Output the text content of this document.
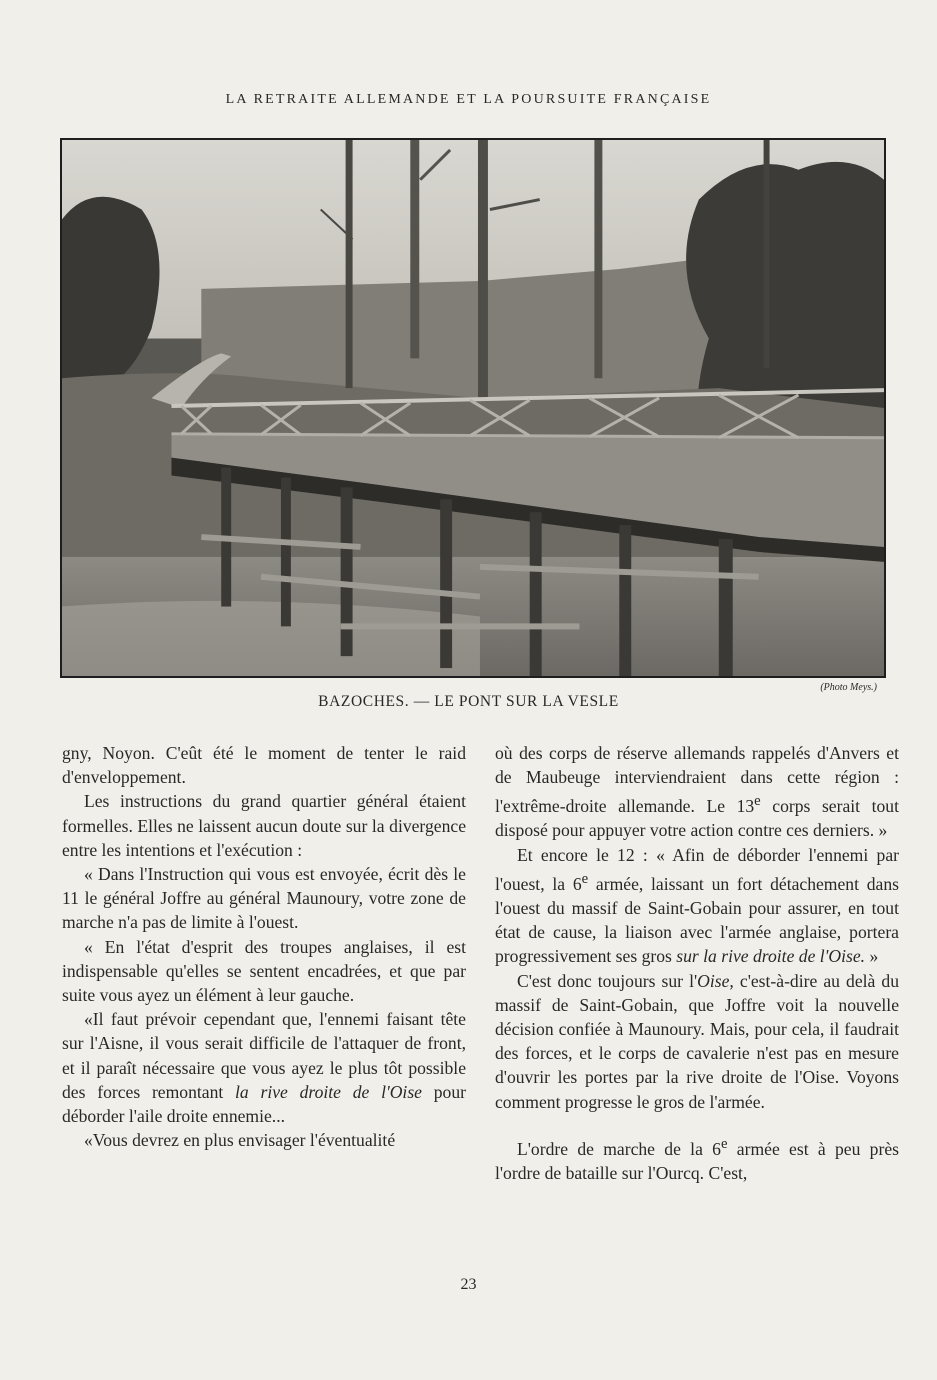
LA RETRAITE ALLEMANDE ET LA POURSUITE FRANÇAISE
(Photo Meys.)
BAZOCHES. — LE PONT SUR LA VESLE

gny, Noyon. C'eût été le moment de tenter le raid d'enveloppement.

Les instructions du grand quartier général étaient formelles. Elles ne laissent aucun doute sur la divergence entre les intentions et l'exécution :

« Dans l'Instruction qui vous est envoyée, écrit dès le 11 le général Joffre au général Maunoury, votre zone de marche n'a pas de limite à l'ouest.

« En l'état d'esprit des troupes anglaises, il est indispensable qu'elles se sentent encadrées, et que par suite vous ayez un élément à leur gauche.

«Il faut prévoir cependant que, l'ennemi faisant tête sur l'Aisne, il vous serait difficile de l'attaquer de front, et il paraît nécessaire que vous ayez le plus tôt possible des forces remontant la rive droite de l'Oise pour déborder l'aile droite ennemie...

«Vous devrez en plus envisager l'éventualité

où des corps de réserve allemands rappelés d'Anvers et de Maubeuge interviendraient dans cette région : l'extrême-droite allemande. Le 13e corps serait tout disposé pour appuyer votre action contre ces derniers. »

Et encore le 12 : « Afin de déborder l'ennemi par l'ouest, la 6e armée, laissant un fort détachement dans l'ouest du massif de Saint-Gobain pour assurer, en tout état de cause, la liaison avec l'armée anglaise, portera progressivement ses gros sur la rive droite de l'Oise. »

C'est donc toujours sur l'Oise, c'est-à-dire au delà du massif de Saint-Gobain, que Joffre voit la nouvelle décision confiée à Maunoury. Mais, pour cela, il faudrait des forces, et le corps de cavalerie n'est pas en mesure d'ouvrir les portes par la rive droite de l'Oise. Voyons comment progresse le gros de l'armée.

L'ordre de marche de la 6e armée est à peu près l'ordre de bataille sur l'Ourcq. C'est,

23
